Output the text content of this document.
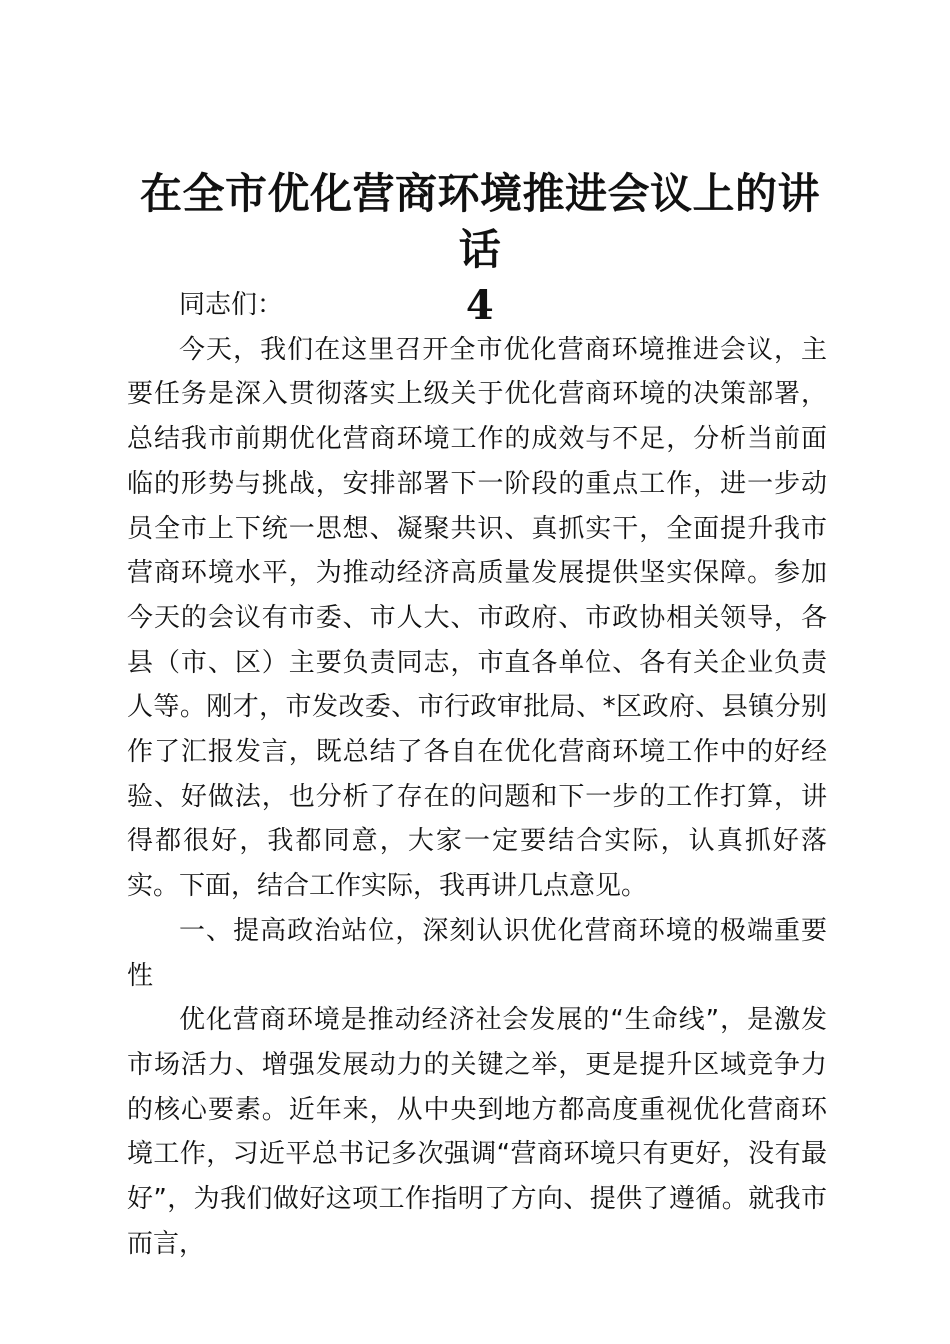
在全市优化营商环境推进会议上的讲话
4

同志们：

今天，我们在这里召开全市优化营商环境推进会议，主要任务是深入贯彻落实上级关于优化营商环境的决策部署，总结我市前期优化营商环境工作的成效与不足，分析当前面临的形势与挑战，安排部署下一阶段的重点工作，进一步动员全市上下统一思想、凝聚共识、真抓实干，全面提升我市营商环境水平，为推动经济高质量发展提供坚实保障。参加今天的会议有市委、市人大、市政府、市政协相关领导，各县（市、区）主要负责同志，市直各单位、各有关企业负责人等。刚才，市发改委、市行政审批局、*区政府、县镇分别作了汇报发言，既总结了各自在优化营商环境工作中的好经验、好做法，也分析了存在的问题和下一步的工作打算，讲得都很好，我都同意，大家一定要结合实际，认真抓好落实。下面，结合工作实际，我再讲几点意见。

一、提高政治站位，深刻认识优化营商环境的极端重要性

优化营商环境是推动经济社会发展的“生命线”，是激发市场活力、增强发展动力的关键之举，更是提升区域竞争力的核心要素。近年来，从中央到地方都高度重视优化营商环境工作，习近平总书记多次强调“营商环境只有更好，没有最好”，为我们做好这项工作指明了方向、提供了遵循。就我市而言，
